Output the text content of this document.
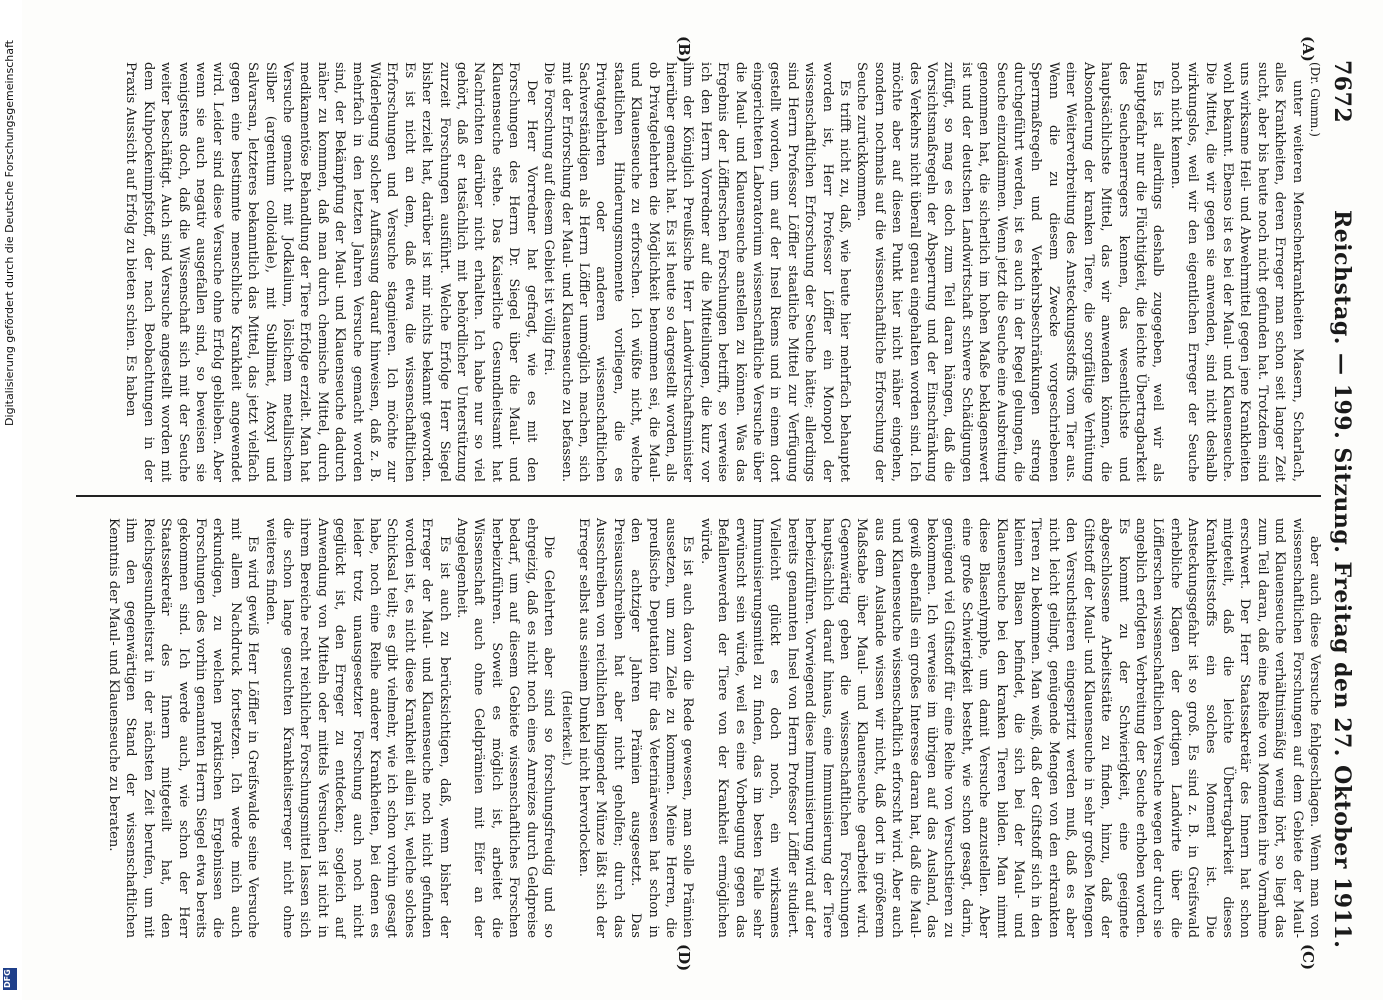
7672
Reichstag. — 199. Sitzung. Freitag den 27. Oktober 1911.
(A)
(B)
(C)
(D)

(Dr. Gumm.)

unter weiteren Menschenkrankheiten Masern, Scharlach, alles Krankheiten, deren Erreger man schon seit langer Zeit sucht, aber bis heute noch nicht gefunden hat. Trotzdem sind uns wirksame Heil- und Abwehrmittel gegen jene Krankheiten wohl bekannt. Ebenso ist es bei der Maul- und Klauenseuche. Die Mittel, die wir gegen sie anwenden, sind nicht deshalb wirkungslos, weil wir den eigentlichen Erreger der Seuche noch nicht kennen.

Es ist allerdings deshalb zugegeben, weil wir als Hauptgefahr nur die Flüchtigkeit, die leichte Übertragbarkeit des Seuchenerregers kennen, das wesentlichste und hauptsächlichste Mittel, das wir anwenden können, die Absonderung der kranken Tiere, die sorgfältige Verhütung einer Weiterverbreitung des Ansteckungsstoffs vom Tier aus. Wenn die zu diesem Zwecke vorgeschriebenen Sperrmaßregeln und Verkehrsbeschränkungen streng durchgeführt werden, ist es auch in der Regel gelungen, die Seuche einzudämmen. Wenn jetzt die Seuche eine Ausbreitung genommen hat, die sicherlich im hohen Maße beklagenswert ist und der deutschen Landwirtschaft schwere Schädigungen zufügt, so mag es doch zum Teil daran hängen, daß die Vorsichtsmaßregeln der Absperrung und der Einschränkung des Verkehrs nicht überall genau eingehalten worden sind. Ich möchte aber auf diesen Punkt hier nicht näher eingehen, sondern nochmals auf die wissenschaftliche Erforschung der Seuche zurückkommen.

Es trifft nicht zu, daß, wie heute hier mehrfach behauptet worden ist, Herr Professor Löffler ein Monopol der wissenschaftlichen Erforschung der Seuche hätte; allerdings sind Herrn Professor Löffler staatliche Mittel zur Verfügung gestellt worden, um auf der Insel Riems und in einem dort eingerichteten Laboratorium wissenschaftliche Versuche über die Maul- und Klauenseuche anstellen zu können. Was das Ergebnis der Löfflerschen Forschungen betrifft, so verweise ich den Herrn Vorredner auf die Mitteilungen, die kurz vor ihm der Königlich Preußische Herr Landwirtschaftsminister hierüber gemacht hat. Es ist heute so dargestellt worden, als ob Privatgelehrten die Möglichkeit benommen sei, die Maul- und Klauenseuche zu erforschen. Ich wüßte nicht, welche staatlichen Hinderungsmomente vorliegen, die es Privatgelehrten oder anderen wissenschaftlichen Sachverständigen als Herrn Löffler unmöglich machen, sich mit der Erforschung der Maul- und Klauenseuche zu befassen. Die Forschung auf diesem Gebiet ist völlig frei.

Der Herr Vorredner hat gefragt, wie es mit den Forschungen des Herrn Dr. Siegel über die Maul- und Klauenseuche stehe. Das Kaiserliche Gesundheitsamt hat Nachrichten darüber nicht erhalten. Ich habe nur so viel gehört, daß er tatsächlich mit behördlicher Unterstützung zurzeit Forschungen ausführt. Welche Erfolge Herr Siegel bisher erzielt hat, darüber ist mir nichts bekannt geworden. Es ist nicht an dem, daß etwa die wissenschaftlichen Erforschungen und Versuche stagnieren. Ich möchte zur Widerlegung solcher Auffassung darauf hinweisen, daß z. B. mehrfach in den letzten Jahren Versuche gemacht worden sind, der Bekämpfung der Maul- und Klauenseuche dadurch näher zu kommen, daß man durch chemische Mittel, durch medikamentöse Behandlung der Tiere Erfolge erzielt. Man hat Versuche gemacht mit Jodkalium, löslichem metallischem Silber (argentum colloidale), mit Sublimat, Atoxyl und Salvarsan, letzteres bekanntlich das Mittel, das jetzt vielfach gegen eine bestimmte menschliche Krankheit angewendet wird. Leider sind diese Versuche ohne Erfolg geblieben. Aber wenn sie auch negativ ausgefallen sind, so beweisen sie wenigstens doch, daß die Wissenschaft sich mit der Seuche weiter beschäftigt. Auch sind Versuche angestellt worden mit dem Kuhpockenimpfstoff, der nach Beobachtungen in der Praxis Aussicht auf Erfolg zu bieten schien. Es haben

aber auch diese Versuche fehlgeschlagen. Wenn man von wissenschaftlichen Forschungen auf dem Gebiete der Maul- und Klauenseuche verhältnismäßig wenig hört, so liegt das zum Teil daran, daß eine Reihe von Momenten ihre Vornahme erschwert. Der Herr Staatssekretär des Innern hat schon mitgeteilt, daß die leichte Übertragbarkeit dieses Krankheitsstoffs ein solches Moment ist. Die Ansteckungsgefahr ist so groß. Es sind z. B. in Greifswald erhebliche Klagen der dortigen Landwirte über die Löfflerschen wissenschaftlichen Versuche wegen der durch sie angeblich erfolgten Verbreitung der Seuche erhoben worden. Es kommt zu der Schwierigkeit, eine geeignete abgeschlossene Arbeitsstätte zu finden, hinzu, daß der Giftstoff der Maul- und Klauenseuche in sehr großen Mengen den Versuchstieren eingespritzt werden muß, daß es aber nicht leicht gelingt, genügende Mengen von den erkrankten Tieren zu bekommen. Man weiß, daß der Giftstoff sich in den kleinen Blasen befindet, die sich bei der Maul- und Klauenseuche bei den kranken Tieren bilden. Man nimmt diese Blasenlymphe, um damit Versuche anzustellen. Aber eine große Schwierigkeit besteht, wie schon gesagt, darin, genügend viel Giftstoff für eine Reihe von Versuchstieren zu bekommen. Ich verweise im übrigen auf das Ausland, das gewiß ebenfalls ein großes Interesse daran hat, daß die Maul- und Klauenseuche wissenschaftlich erforscht wird. Aber auch aus dem Auslande wissen wir nicht, daß dort in größerem Maßstabe über Maul- und Klauenseuche gearbeitet wird. Gegenwärtig geben die wissenschaftlichen Forschungen hauptsächlich darauf hinaus, eine Immunisierung der Tiere herbeizuführen. Vorwiegend diese Immunisierung wird auf der bereits genannten Insel von Herrn Professor Löffler studiert. Vielleicht glückt es doch noch, ein wirksames Immunisierungsmittel zu finden, das im besten Falle sehr erwünscht sein würde, weil es eine Vorbeugung gegen das Befallenwerden der Tiere von der Krankheit ermöglichen würde.

Es ist auch davon die Rede gewesen, man solle Prämien aussetzen, um zum Ziele zu kommen. Meine Herren, die preußische Deputation für das Veterinärwesen hat schon in den achtziger Jahren Prämien ausgesetzt. Das Preisausschreiben hat aber nicht geholfen; durch das Ausschreiben von reichlichen klingender Münze läßt sich der Erreger selbst aus seinem Dunkel nicht hervorlocken.

(Heiterkeit.)

Die Gelehrten aber sind so forschungsfreudig und so ehrgeizig, daß es nicht noch eines Anreizes durch Geldpreise bedarf, um auf diesem Gebiete wissenschaftliches Forschen herbeizuführen. Soweit es möglich ist, arbeitet die Wissenschaft auch ohne Geldprämien mit Eifer an der Angelegenheit.

Es ist auch zu berücksichtigen, daß, wenn bisher der Erreger der Maul- und Klauenseuche noch nicht gefunden worden ist, es nicht diese Krankheit allein ist, welche solches Schicksal teilt; es gibt vielmehr, wie ich schon vorhin gesagt habe, noch eine Reihe anderer Krankheiten, bei denen es leider trotz unausgesetzter Forschung auch noch nicht geglückt ist, den Erreger zu entdecken; sogleich auf Anwendung von Mitteln oder mittels Versuchen ist nicht in ihrem Bereiche recht reichlicher Forschungsmittel lassen sich die schon lange gesuchten Krankheitserreger nicht ohne weiteres finden.

Es wird gewiß Herr Löffler in Greifswalde seine Versuche mit allem Nachdruck fortsetzen. Ich werde mich auch erkundigen, zu welchen praktischen Ergebnissen die Forschungen des vorhin genannten Herrn Siegel etwa bereits gekommen sind. Ich werde auch, wie schon der Herr Staatssekretär des Innern mitgeteilt hat, den Reichsgesundheitsrat in der nächsten Zeit berufen, um mit ihm den gegenwärtigen Stand der wissenschaftlichen Kenntnis der Maul- und Klauenseuche zu beraten.

Digitalisierung gefördert durch die Deutsche Forschungsgemeinschaft
DFG
